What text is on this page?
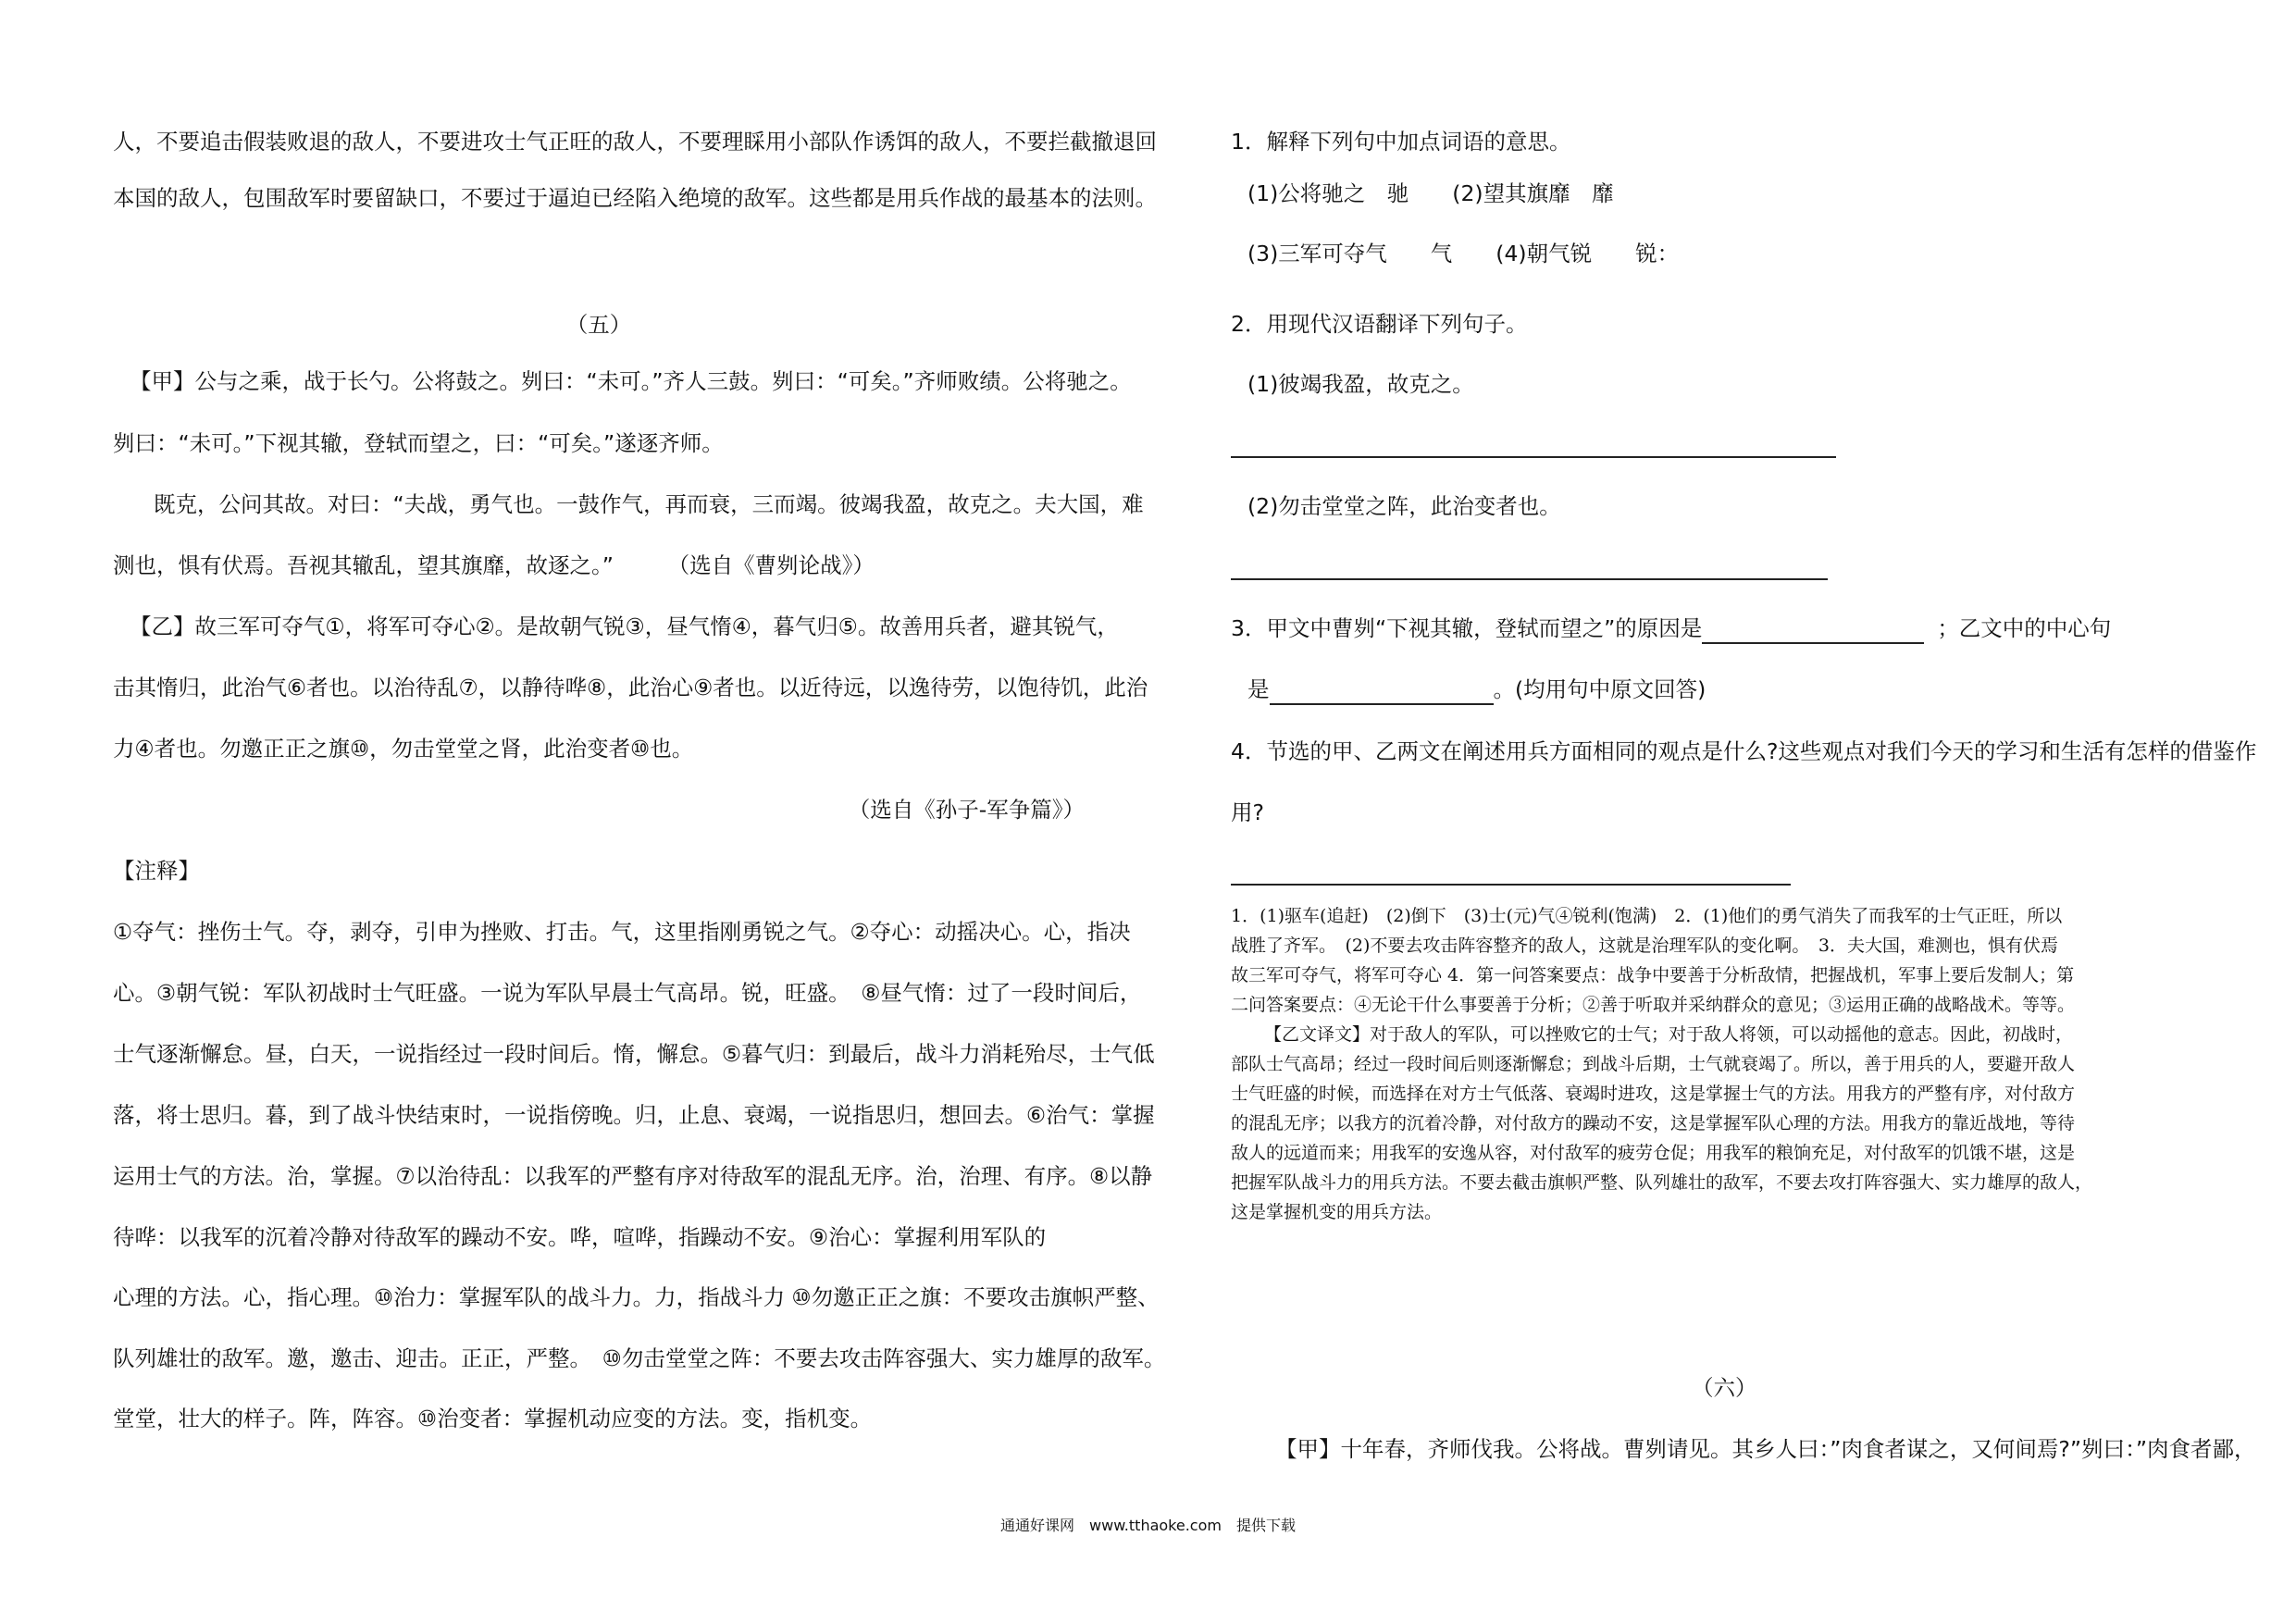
人，不要追击假装败退的敌人，不要进攻士气正旺的敌人，不要理睬用小部队作诱饵的敌人，不要拦截撤退回
本国的敌人，包围敌军时要留缺口，不要过于逼迫已经陷入绝境的敌军。这些都是用兵作战的最基本的法则。
（五）
【甲】公与之乘，战于长勺。公将鼓之。刿曰：“未可。”齐人三鼓。刿曰：“可矣。”齐师败绩。公将驰之。
刿曰：“未可。”下视其辙，登轼而望之，曰：“可矣。”遂逐齐师。
既克，公问其故。对曰：“夫战，勇气也。一鼓作气，再而衰，三而竭。彼竭我盈，故克之。夫大国，难
测也，惧有伏焉。吾视其辙乱，望其旗靡，故逐之。”　　　（选自《曹刿论战》）
【乙】故三军可夺气①，将军可夺心②。是故朝气锐③，昼气惰④，暮气归⑤。故善用兵者，避其锐气，
击其惰归，此治气⑥者也。以治待乱⑦，以静待哗⑧，此治心⑨者也。以近待远，以逸待劳，以饱待饥，此治
力④者也。勿邀正正之旗⑩，勿击堂堂之肾，此治变者⑩也。
（选自《孙子-军争篇》）
【注释】
①夺气：挫伤士气。夺，剥夺，引申为挫败、打击。气，这里指刚勇锐之气。②夺心：动摇决心。心，指决
心。③朝气锐：军队初战时士气旺盛。一说为军队早晨士气高昂。锐，旺盛。　⑧昼气惰：过了一段时间后，
士气逐渐懈怠。昼，白天，一说指经过一段时间后。惰，懈怠。⑤暮气归：到最后，战斗力消耗殆尽，士气低
落，将士思归。暮，到了战斗快结束时，一说指傍晚。归，止息、衰竭，一说指思归，想回去。⑥治气：掌握
运用士气的方法。治，掌握。⑦以治待乱：以我军的严整有序对待敌军的混乱无序。治，治理、有序。⑧以静
待哗：以我军的沉着冷静对待敌军的躁动不安。哗，喧哗，指躁动不安。⑨治心：掌握利用军队的
心理的方法。心，指心理。⑩治力：掌握军队的战斗力。力，指战斗力 ⑩勿邀正正之旗：不要攻击旗帜严整、
队列雄壮的敌军。邀，邀击、迎击。正正，严整。　⑩勿击堂堂之阵：不要去攻击阵容强大、实力雄厚的敌军。
堂堂，壮大的样子。阵，阵容。⑩治变者：掌握机动应变的方法。变，指机变。
1．解释下列句中加点词语的意思。
(1)公将驰之　驰　　(2)望其旗靡　靡
(3)三军可夺气　　气　　(4)朝气锐　　锐：
2．用现代汉语翻译下列句子。
(1)彼竭我盈，故克之。
(2)勿击堂堂之阵，此治变者也。
3．甲文中曹刿“下视其辙，登轼而望之”的原因是	；乙文中的中心句
是	。(均用句中原文回答)
4．节选的甲、乙两文在阐述用兵方面相同的观点是什么?这些观点对我们今天的学习和生活有怎样的借鉴作
用?
1．(1)驱车(追赶)　(2)倒下　(3)士(元)气④锐利(饱满)　2．(1)他们的勇气消失了而我军的士气正旺，所以
战胜了齐军。　(2)不要去攻击阵容整齐的敌人，这就是治理军队的变化啊。　3．夫大国，难测也，惧有伏焉
故三军可夺气，将军可夺心 4．第一问答案要点：战争中要善于分析敌情，把握战机，军事上要后发制人；第
二问答案要点：④无论干什么事要善于分析；②善于听取并采纳群众的意见；③运用正确的战略战术。等等。
【乙文译文】对于敌人的军队，可以挫败它的士气；对于敌人将领，可以动摇他的意志。因此，初战时，
部队士气高昂；经过一段时间后则逐渐懈怠；到战斗后期，士气就衰竭了。所以，善于用兵的人，要避开敌人
士气旺盛的时候，而选择在对方士气低落、衰竭时进攻，这是掌握士气的方法。用我方的严整有序，对付敌方
的混乱无序；以我方的沉着冷静，对付敌方的躁动不安，这是掌握军队心理的方法。用我方的靠近战地，等待
敌人的远道而来；用我军的安逸从容，对付敌军的疲劳仓促；用我军的粮饷充足，对付敌军的饥饿不堪，这是
把握军队战斗力的用兵方法。不要去截击旗帜严整、队列雄壮的敌军，不要去攻打阵容强大、实力雄厚的敌人，
这是掌握机变的用兵方法。
（六）
【甲】十年春，齐师伐我。公将战。曹刿请见。其乡人曰：”肉食者谋之，又何间焉?”刿曰：”肉食者鄙，
通通好课网　www.tthaoke.com　提供下载
